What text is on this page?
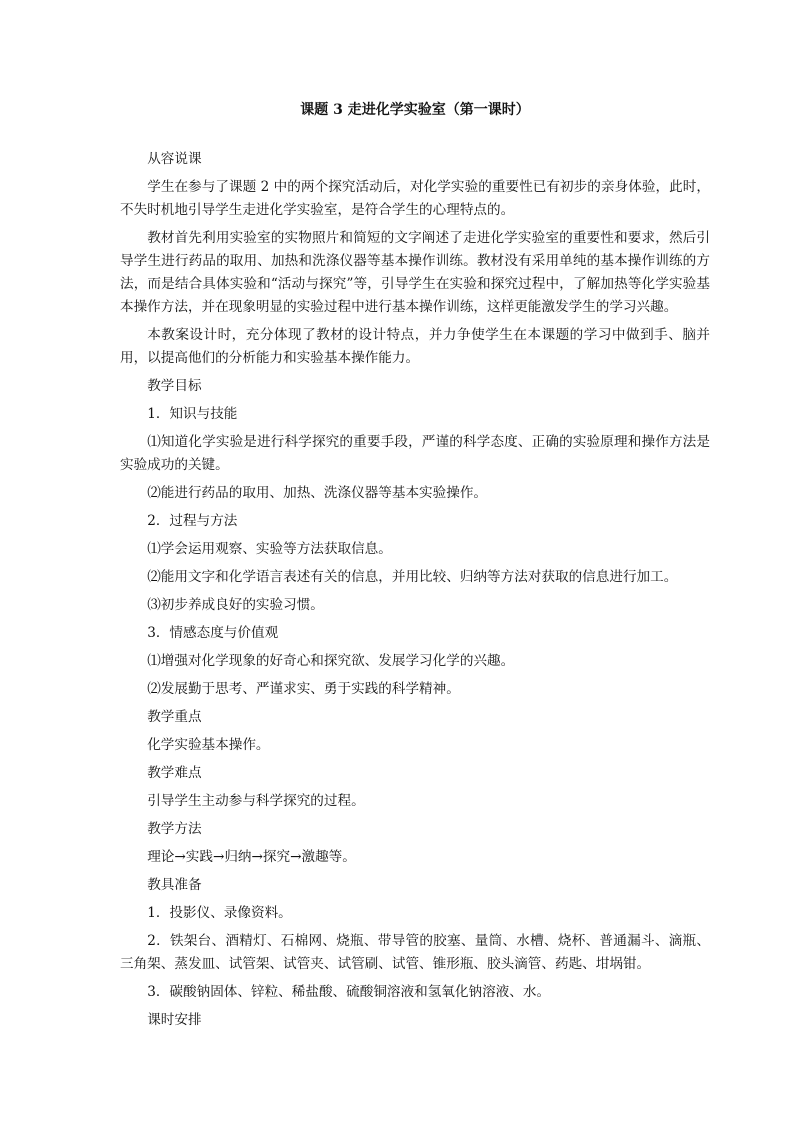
课题 3 走进化学实验室（第一课时）

从容说课

学生在参与了课题 2 中的两个探究活动后，对化学实验的重要性已有初步的亲身体验，此时，不失时机地引导学生走进化学实验室，是符合学生的心理特点的。

教材首先利用实验室的实物照片和简短的文字阐述了走进化学实验室的重要性和要求，然后引导学生进行药品的取用、加热和洗涤仪器等基本操作训练。教材没有采用单纯的基本操作训练的方法，而是结合具体实验和“活动与探究”等，引导学生在实验和探究过程中，了解加热等化学实验基本操作方法，并在现象明显的实验过程中进行基本操作训练，这样更能激发学生的学习兴趣。

本教案设计时，充分体现了教材的设计特点，并力争使学生在本课题的学习中做到手、脑并用，以提高他们的分析能力和实验基本操作能力。

教学目标

1．知识与技能

⑴知道化学实验是进行科学探究的重要手段，严谨的科学态度、正确的实验原理和操作方法是实验成功的关键。

⑵能进行药品的取用、加热、洗涤仪器等基本实验操作。

2．过程与方法

⑴学会运用观察、实验等方法获取信息。

⑵能用文字和化学语言表述有关的信息，并用比较、归纳等方法对获取的信息进行加工。

⑶初步养成良好的实验习惯。

3．情感态度与价值观

⑴增强对化学现象的好奇心和探究欲、发展学习化学的兴趣。

⑵发展勤于思考、严谨求实、勇于实践的科学精神。

教学重点

化学实验基本操作。

教学难点

引导学生主动参与科学探究的过程。

教学方法

理论→实践→归纳→探究→激趣等。

教具准备

1．投影仪、录像资料。

2．铁架台、酒精灯、石棉网、烧瓶、带导管的胶塞、量筒、水槽、烧杯、普通漏斗、滴瓶、三角架、蒸发皿、试管架、试管夹、试管刷、试管、锥形瓶、胶头滴管、药匙、坩埚钳。

3．碳酸钠固体、锌粒、稀盐酸、硫酸铜溶液和氢氧化钠溶液、水。

课时安排
